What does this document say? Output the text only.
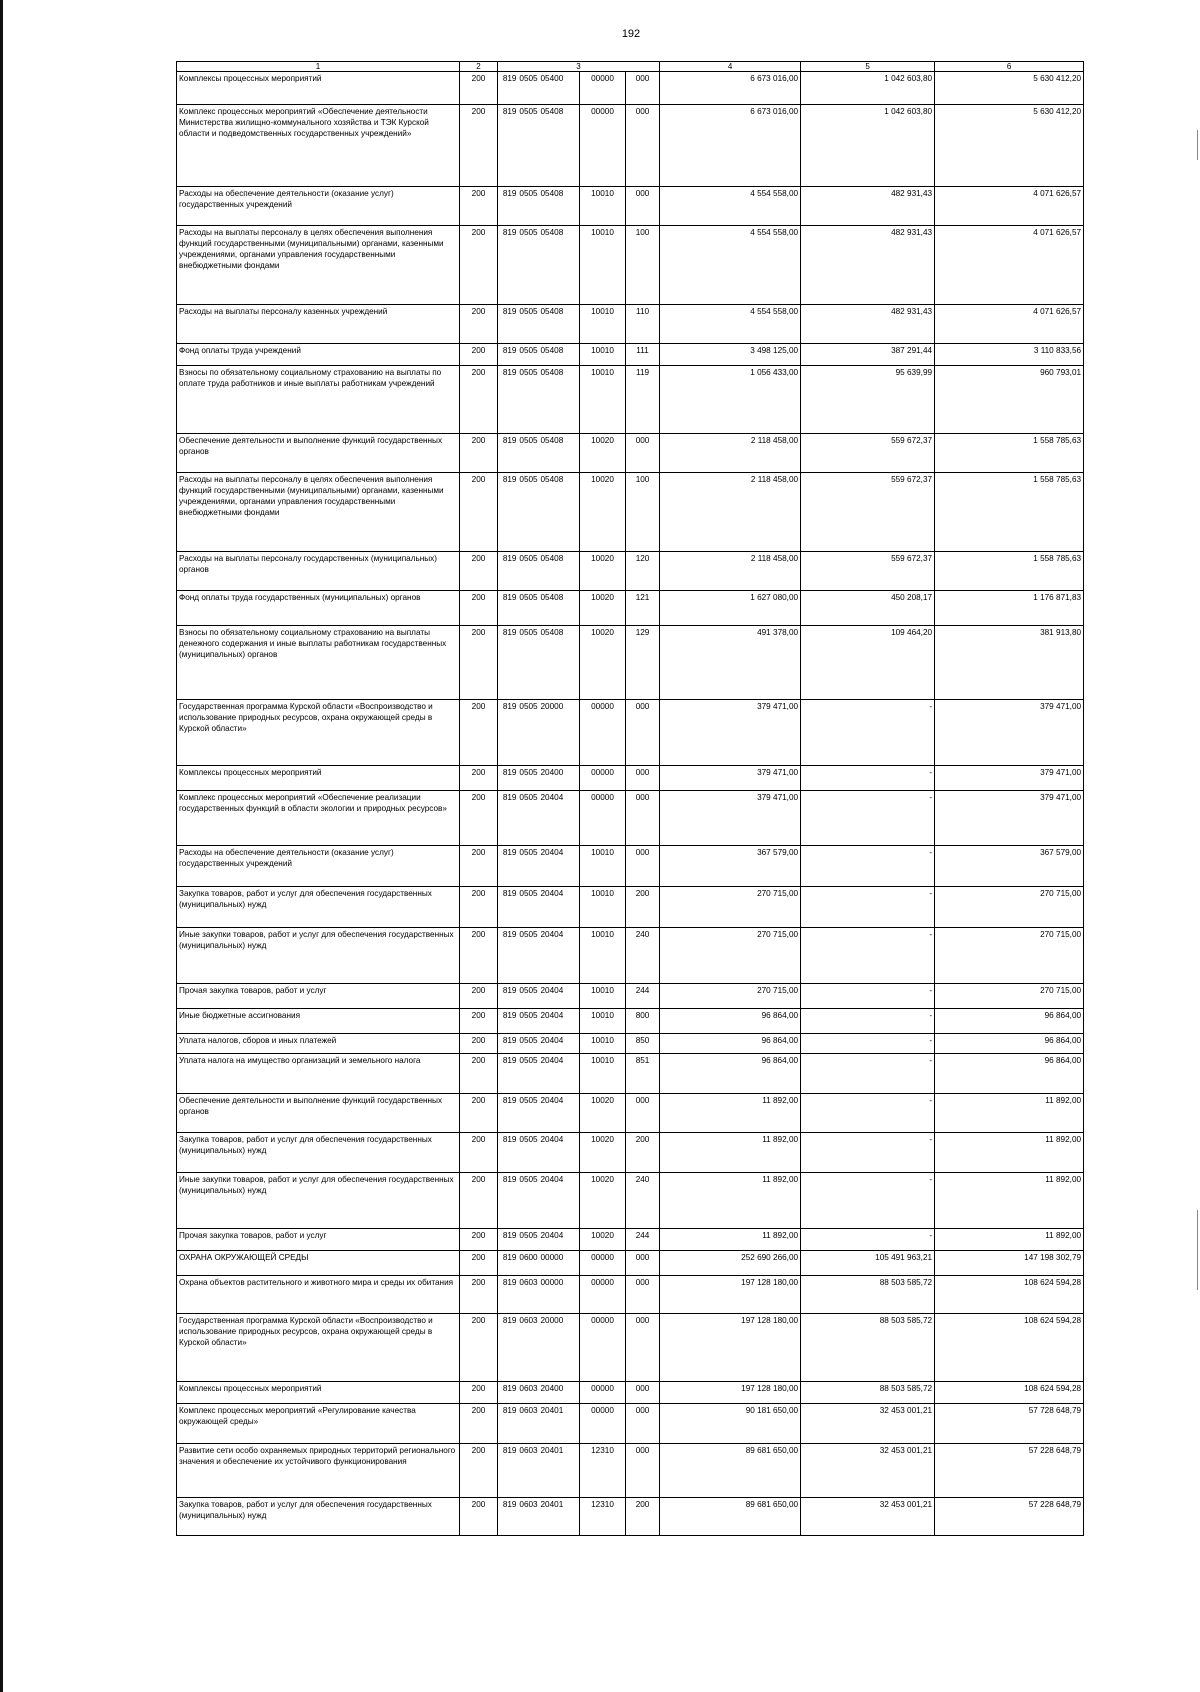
192
1	2	3					4	5	6
Комплексы процессных мероприятий	200	819	0505	05400	00000	000	6 673 016,00	1 042 603,80	5 630 412,20
Комплекс процессных мероприятий «Обеспечение деятельности Министерства жилищно-коммунального хозяйства и ТЭК Курской области и подведомственных государственных учреждений»	200	819	0505	05408	00000	000	6 673 016,00	1 042 603,80	5 630 412,20
Расходы на обеспечение деятельности (оказание услуг) государственных учреждений	200	819	0505	05408	10010	000	4 554 558,00	482 931,43	4 071 626,57
Расходы на выплаты персоналу в целях обеспечения выполнения функций государственными (муниципальными) органами, казенными учреждениями, органами управления государственными внебюджетными фондами	200	819	0505	05408	10010	100	4 554 558,00	482 931,43	4 071 626,57
Расходы на выплаты персоналу казенных учреждений	200	819	0505	05408	10010	110	4 554 558,00	482 931,43	4 071 626,57
Фонд оплаты труда учреждений	200	819	0505	05408	10010	111	3 498 125,00	387 291,44	3 110 833,56
Взносы по обязательному социальному страхованию на выплаты по оплате труда работников и иные выплаты работникам учреждений	200	819	0505	05408	10010	119	1 056 433,00	95 639,99	960 793,01
Обеспечение деятельности и выполнение функций государственных органов	200	819	0505	05408	10020	000	2 118 458,00	559 672,37	1 558 785,63
Расходы на выплаты персоналу в целях обеспечения выполнения функций государственными (муниципальными) органами, казенными учреждениями, органами управления государственными внебюджетными фондами	200	819	0505	05408	10020	100	2 118 458,00	559 672,37	1 558 785,63
Расходы на выплаты персоналу государственных (муниципальных) органов	200	819	0505	05408	10020	120	2 118 458,00	559 672,37	1 558 785,63
Фонд оплаты труда государственных (муниципальных) органов	200	819	0505	05408	10020	121	1 627 080,00	450 208,17	1 176 871,83
Взносы по обязательному социальному страхованию на выплаты денежного содержания и иные выплаты работникам государственных (муниципальных) органов	200	819	0505	05408	10020	129	491 378,00	109 464,20	381 913,80
Государственная программа Курской области «Воспроизводство и использование природных ресурсов, охрана окружающей среды в Курской области»	200	819	0505	20000	00000	000	379 471,00	-	379 471,00
Комплексы процессных мероприятий	200	819	0505	20400	00000	000	379 471,00	-	379 471,00
Комплекс процессных мероприятий «Обеспечение реализации государственных функций в области экологии и природных ресурсов»	200	819	0505	20404	00000	000	379 471,00	-	379 471,00
Расходы на обеспечение деятельности (оказание услуг) государственных учреждений	200	819	0505	20404	10010	000	367 579,00	-	367 579,00
Закупка товаров, работ и услуг для обеспечения государственных (муниципальных) нужд	200	819	0505	20404	10010	200	270 715,00	-	270 715,00
Иные закупки товаров, работ и услуг для обеспечения государственных (муниципальных) нужд	200	819	0505	20404	10010	240	270 715,00	-	270 715,00
Прочая закупка товаров, работ и услуг	200	819	0505	20404	10010	244	270 715,00	-	270 715,00
Иные бюджетные ассигнования	200	819	0505	20404	10010	800	96 864,00	-	96 864,00
Уплата налогов, сборов и иных платежей	200	819	0505	20404	10010	850	96 864,00	-	96 864,00
Уплата налога на имущество организаций и земельного налога	200	819	0505	20404	10010	851	96 864,00	-	96 864,00
Обеспечение деятельности и выполнение функций государственных органов	200	819	0505	20404	10020	000	11 892,00	-	11 892,00
Закупка товаров, работ и услуг для обеспечения государственных (муниципальных) нужд	200	819	0505	20404	10020	200	11 892,00	-	11 892,00
Иные закупки товаров, работ и услуг для обеспечения государственных (муниципальных) нужд	200	819	0505	20404	10020	240	11 892,00	-	11 892,00
Прочая закупка товаров, работ и услуг	200	819	0505	20404	10020	244	11 892,00	-	11 892,00
ОХРАНА ОКРУЖАЮЩЕЙ СРЕДЫ	200	819	0600	00000	00000	000	252 690 266,00	105 491 963,21	147 198 302,79
Охрана объектов растительного и животного мира и среды их обитания	200	819	0603	00000	00000	000	197 128 180,00	88 503 585,72	108 624 594,28
Государственная программа Курской области «Воспроизводство и использование природных ресурсов, охрана окружающей среды в Курской области»	200	819	0603	20000	00000	000	197 128 180,00	88 503 585,72	108 624 594,28
Комплексы процессных мероприятий	200	819	0603	20400	00000	000	197 128 180,00	88 503 585,72	108 624 594,28
Комплекс процессных мероприятий «Регулирование качества окружающей среды»	200	819	0603	20401	00000	000	90 181 650,00	32 453 001,21	57 728 648,79
Развитие сети особо охраняемых природных территорий регионального значения и обеспечение их устойчивого функционирования	200	819	0603	20401	12310	000	89 681 650,00	32 453 001,21	57 228 648,79
Закупка товаров, работ и услуг для обеспечения государственных (муниципальных) нужд	200	819	0603	20401	12310	200	89 681 650,00	32 453 001,21	57 228 648,79
